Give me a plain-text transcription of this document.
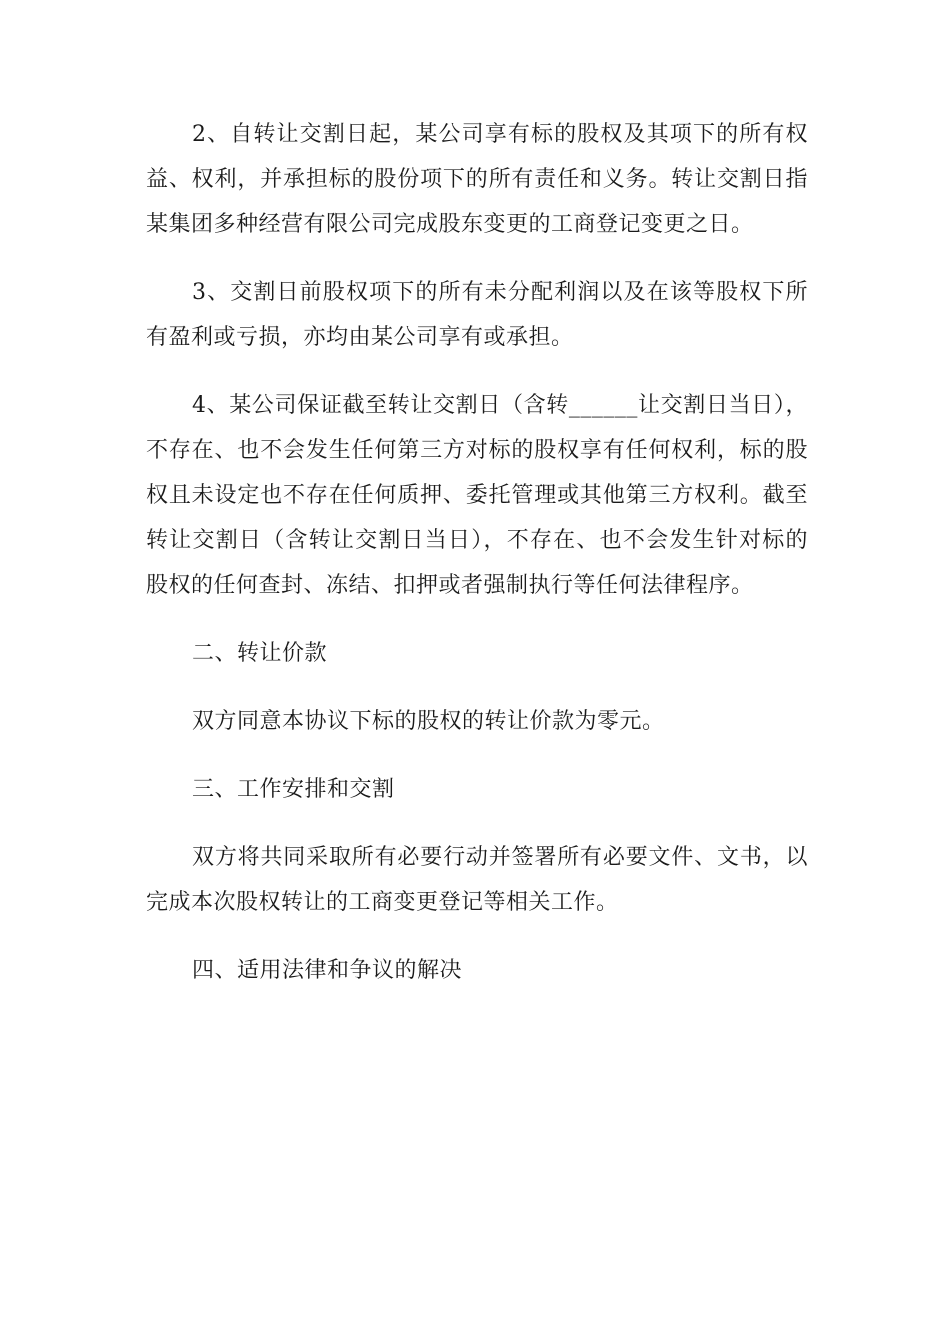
2、自转让交割日起，某公司享有标的股权及其项下的所有权益、权利，并承担标的股份项下的所有责任和义务。转让交割日指某集团多种经营有限公司完成股东变更的工商登记变更之日。

3、交割日前股权项下的所有未分配利润以及在该等股权下所有盈利或亏损，亦均由某公司享有或承担。

4、某公司保证截至转让交割日（含转______让交割日当日），不存在、也不会发生任何第三方对标的股权享有任何权利，标的股权且未设定也不存在任何质押、委托管理或其他第三方权利。截至转让交割日（含转让交割日当日），不存在、也不会发生针对标的股权的任何查封、冻结、扣押或者强制执行等任何法律程序。

二、转让价款

双方同意本协议下标的股权的转让价款为零元。

三、工作安排和交割

双方将共同采取所有必要行动并签署所有必要文件、文书，以完成本次股权转让的工商变更登记等相关工作。

四、适用法律和争议的解决
